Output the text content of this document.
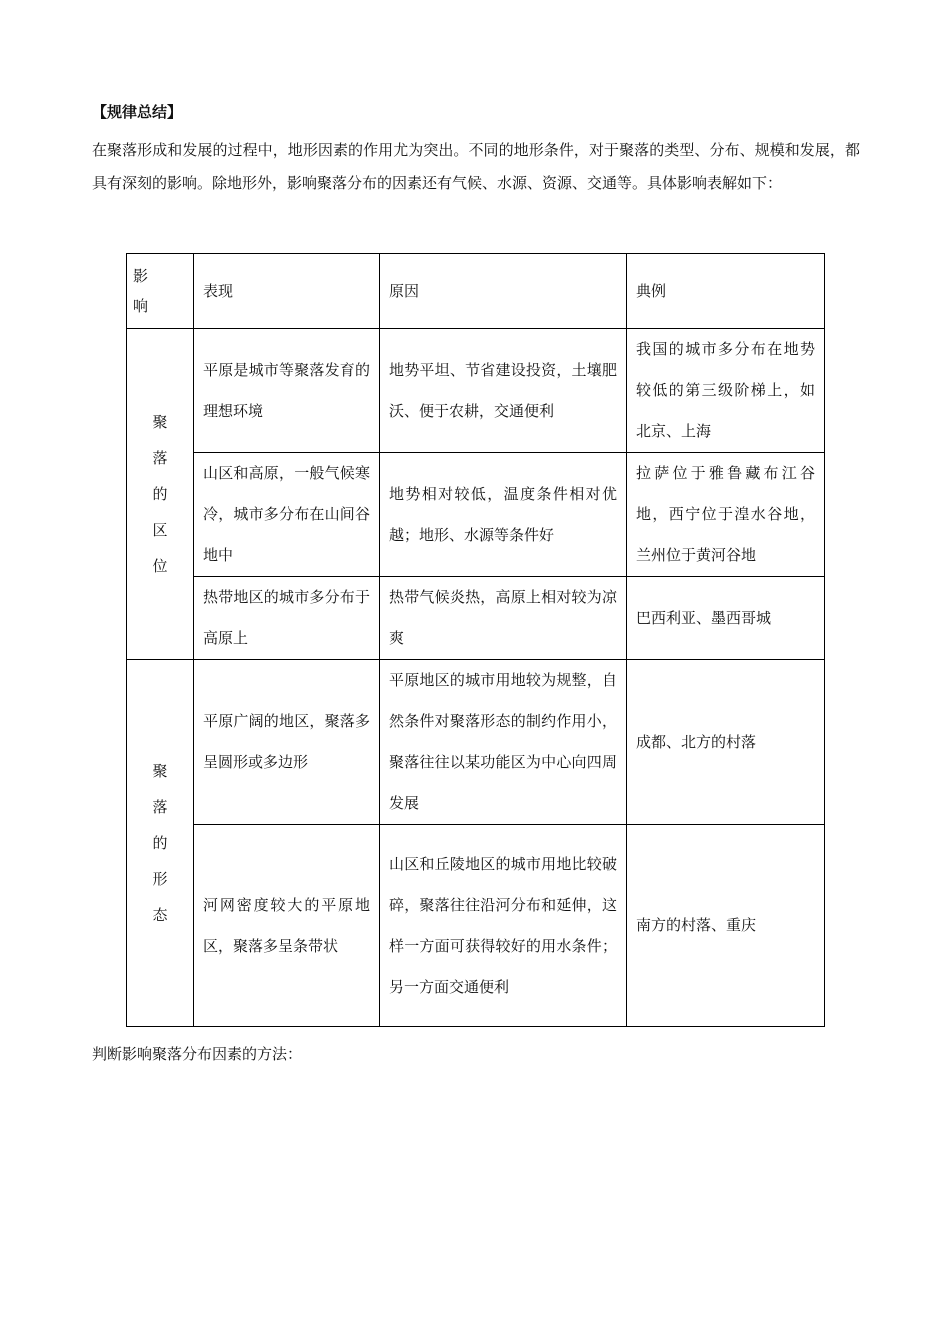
【规律总结】

在聚落形成和发展的过程中，地形因素的作用尤为突出。不同的地形条件，对于聚落的类型、分布、规模和发展，都具有深刻的影响。除地形外，影响聚落分布的因素还有气候、水源、资源、交通等。具体影响表解如下：

影响	表现	原因	典例
聚落的区位	平原是城市等聚落发育的理想环境	地势平坦、节省建设投资，土壤肥沃、便于农耕，交通便利	我国的城市多分布在地势较低的第三级阶梯上，如北京、上海
	山区和高原，一般气候寒冷，城市多分布在山间谷地中	地势相对较低，温度条件相对优越；地形、水源等条件好	拉萨位于雅鲁藏布江谷地，西宁位于湟水谷地，兰州位于黄河谷地
	热带地区的城市多分布于高原上	热带气候炎热，高原上相对较为凉爽	巴西利亚、墨西哥城
聚落的形态	平原广阔的地区，聚落多呈圆形或多边形	平原地区的城市用地较为规整，自然条件对聚落形态的制约作用小，聚落往往以某功能区为中心向四周发展	成都、北方的村落
	河网密度较大的平原地区，聚落多呈条带状	山区和丘陵地区的城市用地比较破碎，聚落往往沿河分布和延伸，这样一方面可获得较好的用水条件；另一方面交通便利	南方的村落、重庆
判断影响聚落分布因素的方法：
